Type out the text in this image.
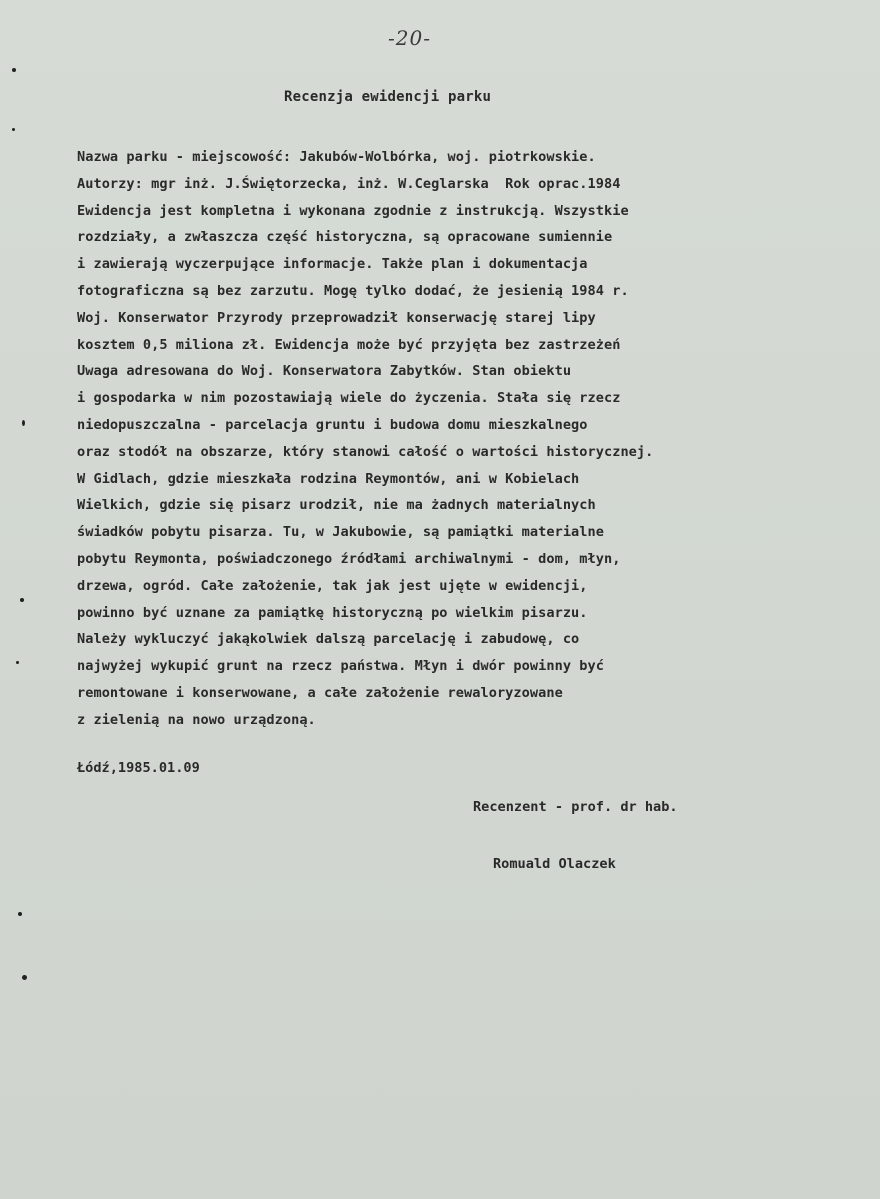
-20-
Recenzja ewidencji parku
Nazwa parku - miejscowość: Jakubów-Wolbórka, woj. piotrkowskie.
Autorzy: mgr inż. J.Świętorzecka, inż. W.Ceglarska  Rok oprac.1984
Ewidencja jest kompletna i wykonana zgodnie z instrukcją. Wszystkie
rozdziały, a zwłaszcza część historyczna, są opracowane sumiennie
i zawierają wyczerpujące informacje. Także plan i dokumentacja
fotograficzna są bez zarzutu. Mogę tylko dodać, że jesienią 1984 r.
Woj. Konserwator Przyrody przeprowadził konserwację starej lipy
kosztem 0,5 miliona zł. Ewidencja może być przyjęta bez zastrzeżeń
Uwaga adresowana do Woj. Konserwatora Zabytków. Stan obiektu
i gospodarka w nim pozostawiają wiele do życzenia. Stała się rzecz
niedopuszczalna - parcelacja gruntu i budowa domu mieszkalnego
oraz stodół na obszarze, który stanowi całość o wartości historycznej.
W Gidlach, gdzie mieszkała rodzina Reymontów, ani w Kobielach
Wielkich, gdzie się pisarz urodził, nie ma żadnych materialnych
świadków pobytu pisarza. Tu, w Jakubowie, są pamiątki materialne
pobytu Reymonta, poświadczonego źródłami archiwalnymi - dom, młyn,
drzewa, ogród. Całe założenie, tak jak jest ujęte w ewidencji,
powinno być uznane za pamiątkę historyczną po wielkim pisarzu.
Należy wykluczyć jakąkolwiek dalszą parcelację i zabudowę, co
najwyżej wykupić grunt na rzecz państwa. Młyn i dwór powinny być
remontowane i konserwowane, a całe założenie rewaloryzowane
z zielenią na nowo urządzoną.
Łódź,1985.01.09

Recenzent - prof. dr hab.

Romuald Olaczek
